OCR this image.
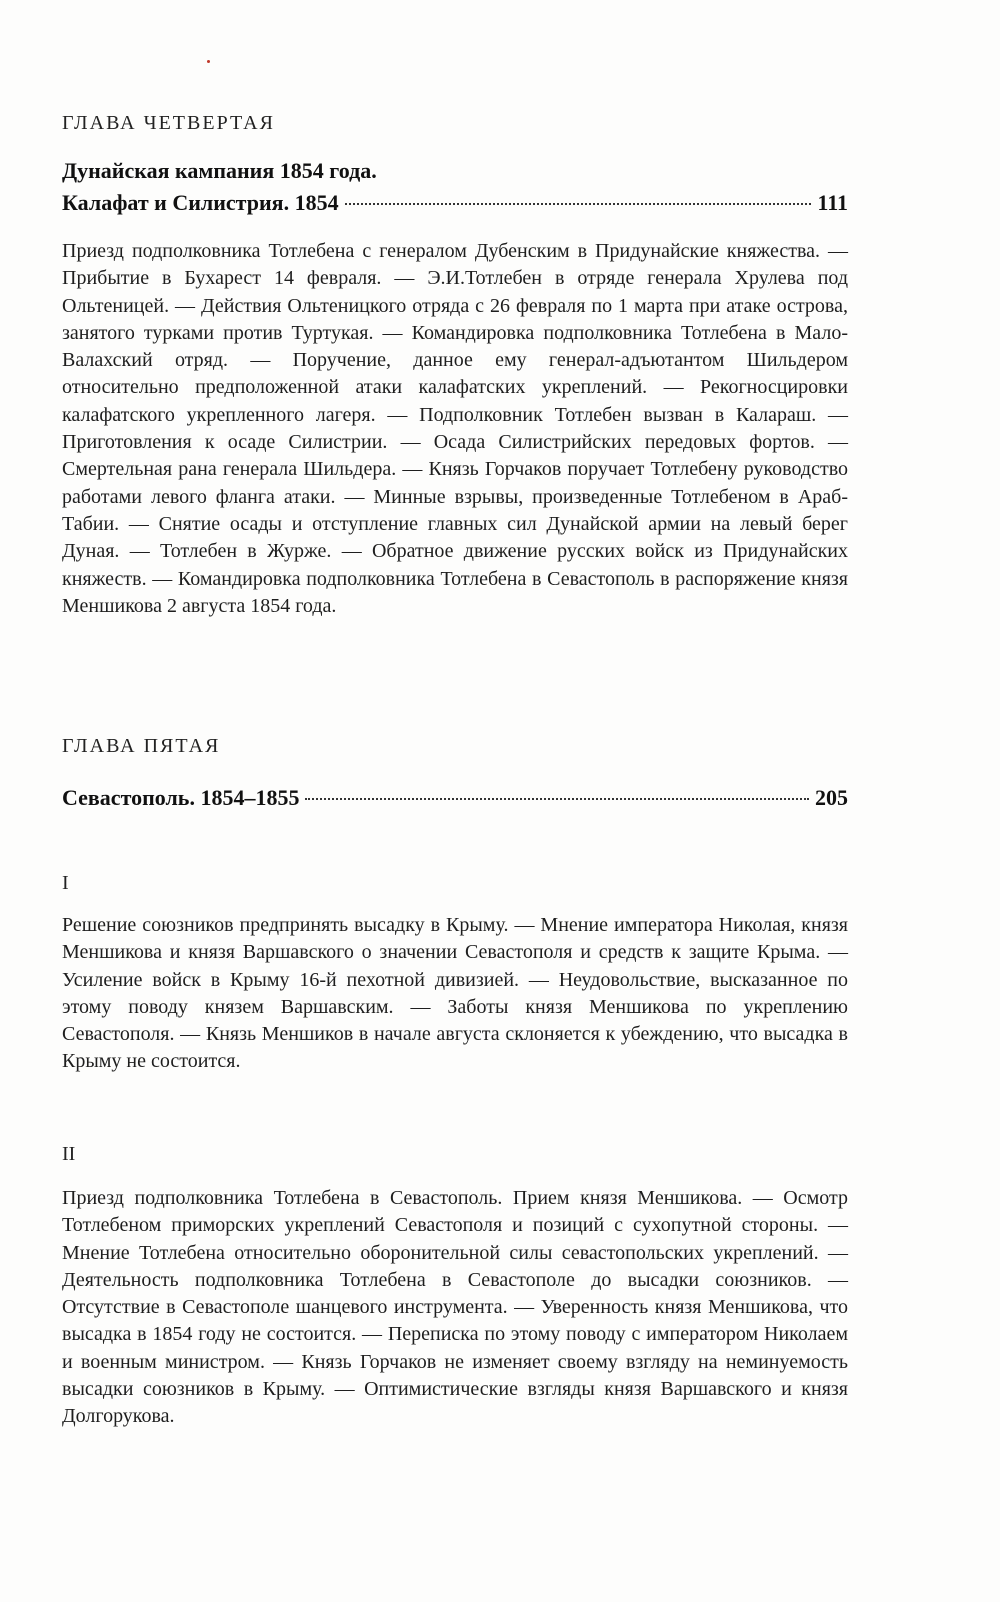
ГЛАВА ЧЕТВЕРТАЯ
Дунайская кампания 1854 года.
Калафат и Силистрия. 1854	111

Приезд подполковника Тотлебена с генералом Дубенским в Придунайские княжества. — Прибытие в Бухарест 14 февраля. — Э.И.Тотлебен в отряде генерала Хрулева под Ольтеницей. — Действия Ольтеницкого отряда с 26 февраля по 1 марта при атаке острова, занятого турками против Туртукая. — Командировка подполковника Тотлебена в Мало-Валахский отряд. — Поручение, данное ему генерал-адъютантом Шильдером относительно предположенной атаки калафатских укреплений. — Рекогносцировки калафатского укрепленного лагеря. — Подполковник Тотлебен вызван в Калараш. — Приготовления к осаде Силистрии. — Осада Силистрийских передовых фортов. — Смертельная рана генерала Шильдера. — Князь Горчаков поручает Тотлебену руководство работами левого фланга атаки. — Минные взрывы, произведенные Тотлебеном в Араб-Табии. — Снятие осады и отступление главных сил Дунайской армии на левый берег Дуная. — Тотлебен в Журже. — Обратное движение русских войск из Придунайских княжеств. — Командировка подполковника Тотлебена в Севастополь в распоряжение князя Меншикова 2 августа 1854 года.

ГЛАВА ПЯТАЯ
Севастополь. 1854–1855	205
I

Решение союзников предпринять высадку в Крыму. — Мнение императора Николая, князя Меншикова и князя Варшавского о значении Севастополя и средств к защите Крыма. — Усиление войск в Крыму 16-й пехотной дивизией. — Неудовольствие, высказанное по этому поводу князем Варшавским. — Заботы князя Меншикова по укреплению Севастополя. — Князь Меншиков в начале августа склоняется к убеждению, что высадка в Крыму не состоится.

II

Приезд подполковника Тотлебена в Севастополь. Прием князя Меншикова. — Осмотр Тотлебеном приморских укреплений Севастополя и позиций с сухопутной стороны. — Мнение Тотлебена относительно оборонительной силы севастопольских укреплений. — Деятельность подполковника Тотлебена в Севастополе до высадки союзников. — Отсутствие в Севастополе шанцевого инструмента. — Уверенность князя Меншикова, что высадка в 1854 году не состоится. — Переписка по этому поводу с императором Николаем и военным министром. — Князь Горчаков не изменяет своему взгляду на неминуемость высадки союзников в Крыму. — Оптимистические взгляды князя Варшавского и князя Долгорукова.
